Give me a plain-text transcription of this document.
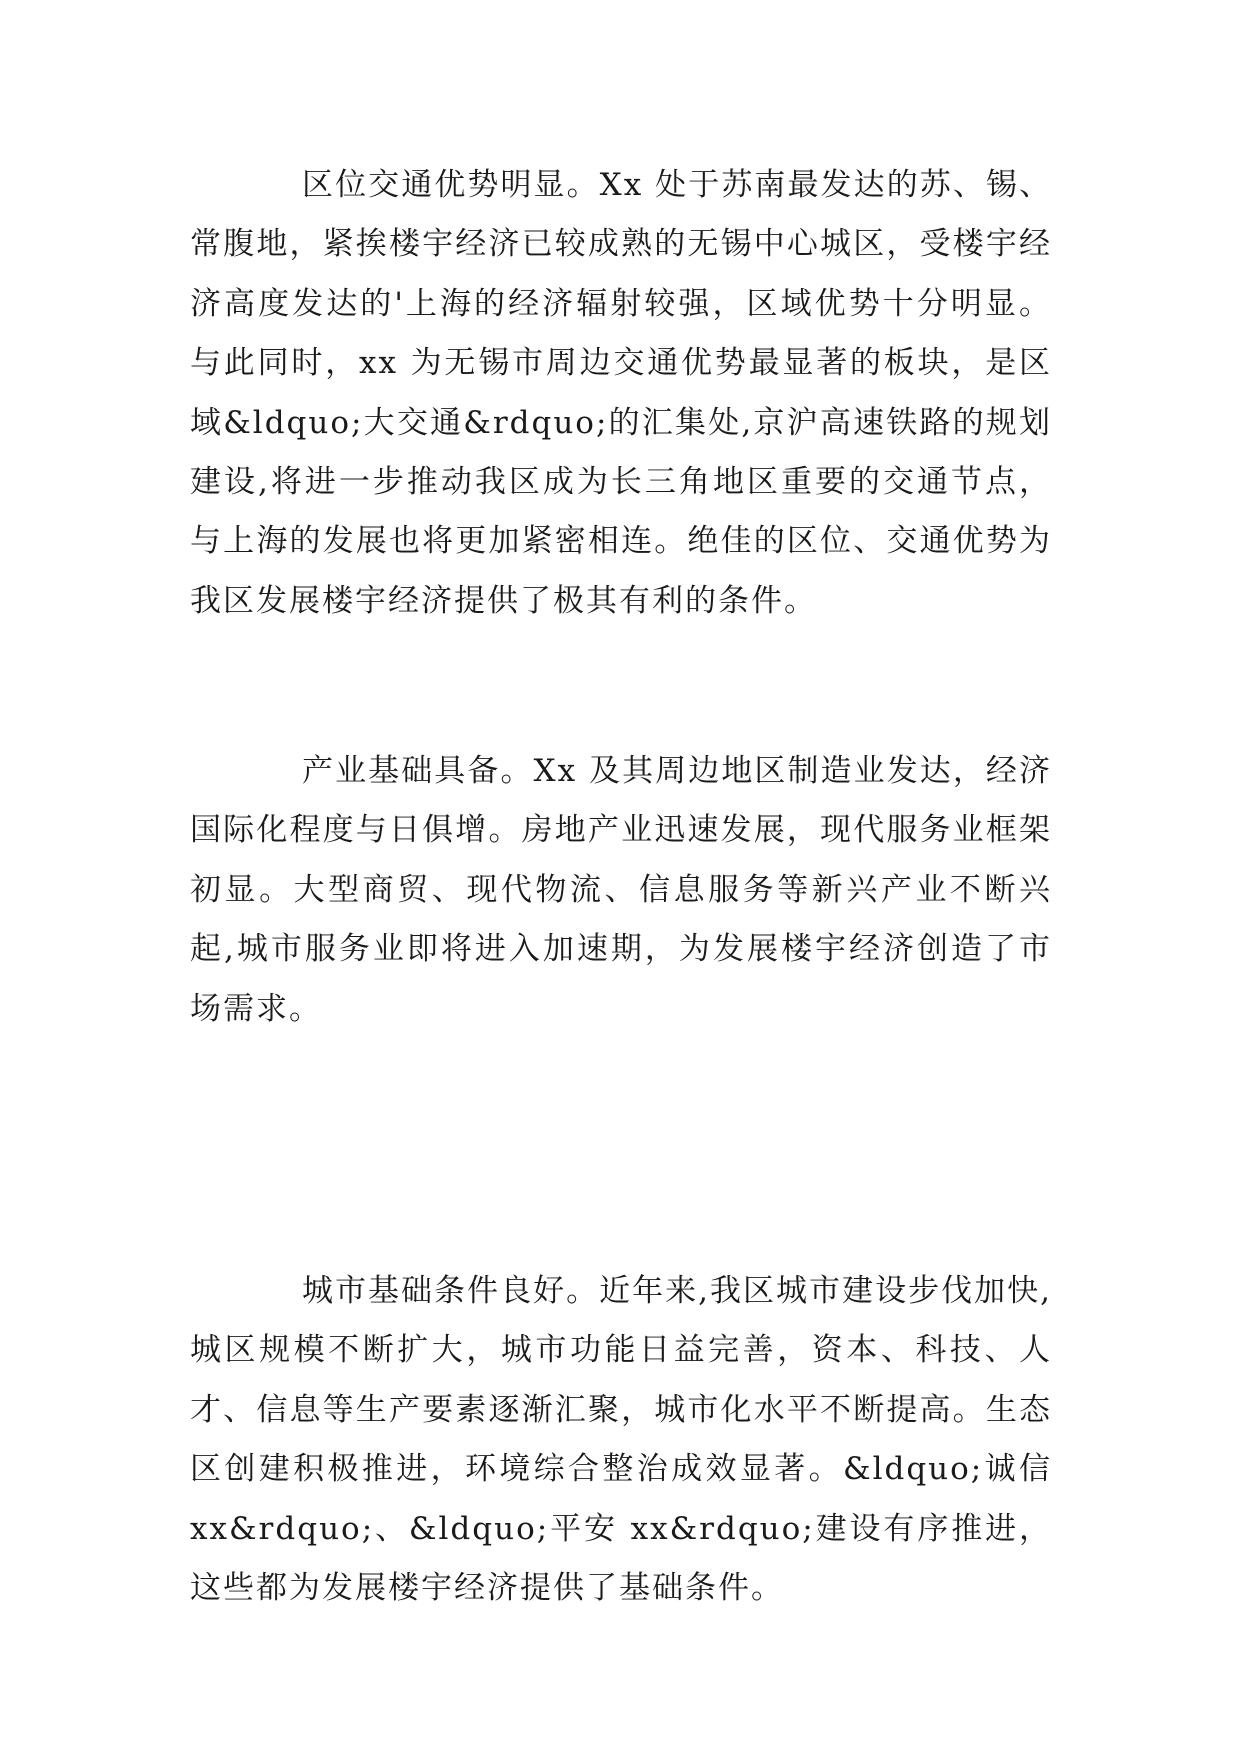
区位交通优势明显。Xx 处于苏南最发达的苏、锡、常腹地，紧挨楼宇经济已较成熟的无锡中心城区，受楼宇经济高度发达的'上海的经济辐射较强，区域优势十分明显。与此同时，xx 为无锡市周边交通优势最显著的板块，是区域&ldquo;大交通&rdquo;的汇集处,京沪高速铁路的规划建设,将进一步推动我区成为长三角地区重要的交通节点，与上海的发展也将更加紧密相连。绝佳的区位、交通优势为我区发展楼宇经济提供了极其有利的条件。

产业基础具备。Xx 及其周边地区制造业发达，经济国际化程度与日俱增。房地产业迅速发展，现代服务业框架初显。大型商贸、现代物流、信息服务等新兴产业不断兴起,城市服务业即将进入加速期，为发展楼宇经济创造了市场需求。

城市基础条件良好。近年来,我区城市建设步伐加快,城区规模不断扩大，城市功能日益完善，资本、科技、人才、信息等生产要素逐渐汇聚，城市化水平不断提高。生态区创建积极推进，环境综合整治成效显著。&ldquo;诚信 xx&rdquo;、&ldquo;平安 xx&rdquo;建设有序推进，这些都为发展楼宇经济提供了基础条件。
